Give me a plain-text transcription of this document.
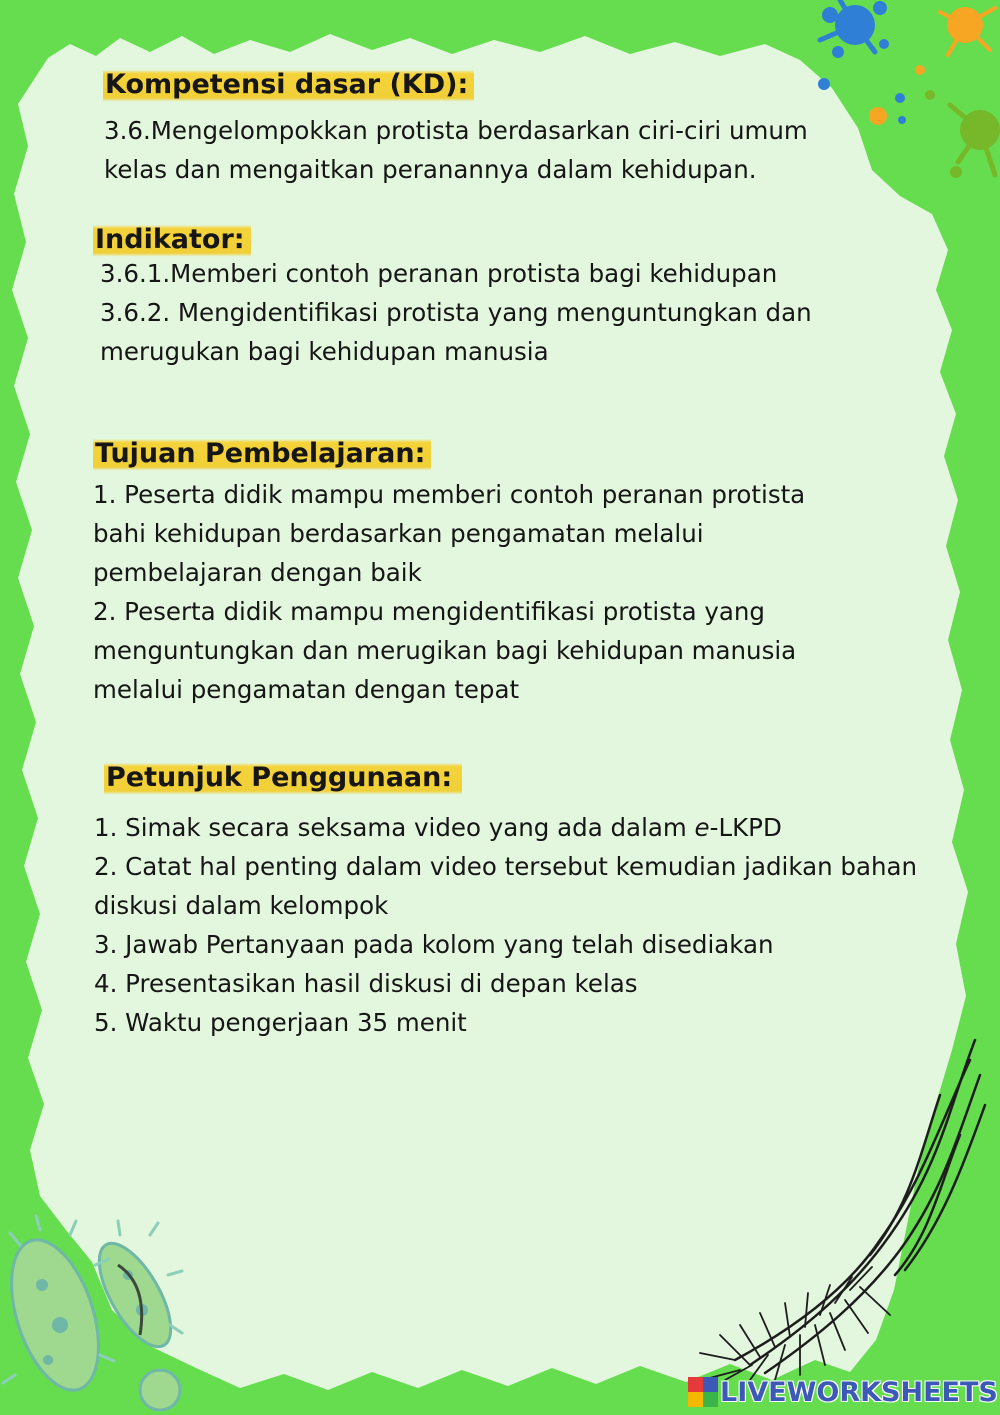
Kompetensi dasar (KD):
3.6.Mengelompokkan protista berdasarkan ciri-ciri umum
kelas dan mengaitkan peranannya dalam kehidupan.
Indikator:
3.6.1.Memberi contoh peranan protista bagi kehidupan
3.6.2. Mengidentifikasi protista yang menguntungkan dan
merugukan bagi kehidupan manusia
Tujuan Pembelajaran:
1. Peserta didik mampu memberi contoh peranan protista
bahi kehidupan berdasarkan pengamatan melalui
pembelajaran dengan baik
2. Peserta didik mampu mengidentifikasi protista yang
menguntungkan dan merugikan bagi kehidupan manusia
melalui pengamatan dengan tepat
Petunjuk Penggunaan:
1. Simak secara seksama video yang ada dalam e-LKPD
2. Catat hal penting dalam video tersebut kemudian jadikan bahan
diskusi dalam kelompok
3. Jawab Pertanyaan pada kolom yang telah disediakan
4. Presentasikan hasil diskusi di depan kelas
5. Waktu pengerjaan 35 menit
LIVEWORKSHEETS
